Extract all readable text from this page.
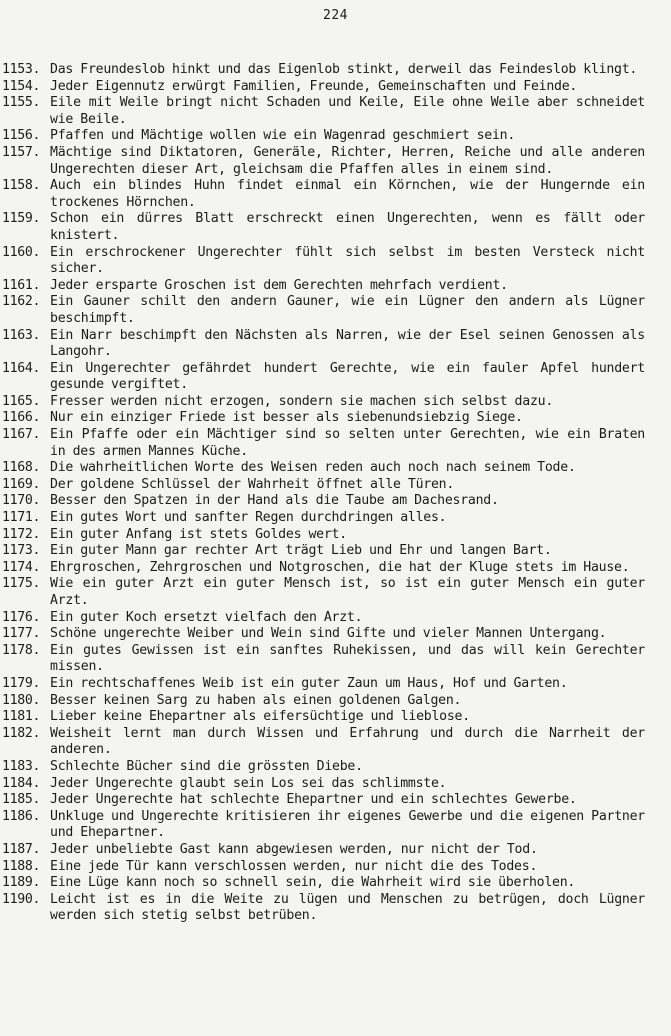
224
1153. Das Freundeslob hinkt und das Eigenlob stinkt, derweil das Feindeslob klingt.
1154. Jeder Eigennutz erwürgt Familien, Freunde, Gemeinschaften und Feinde.
1155. Eile mit Weile bringt nicht Schaden und Keile, Eile ohne Weile aber schneidet wie Beile.
1156. Pfaffen und Mächtige wollen wie ein Wagenrad geschmiert sein.
1157. Mächtige sind Diktatoren, Generäle, Richter, Herren, Reiche und alle anderen Ungerechten dieser Art, gleichsam die Pfaffen alles in einem sind.
1158. Auch ein blindes Huhn findet einmal ein Körnchen, wie der Hungernde ein trockenes Hörnchen.
1159. Schon ein dürres Blatt erschreckt einen Ungerechten, wenn es fällt oder knistert.
1160. Ein erschrockener Ungerechter fühlt sich selbst im besten Versteck nicht sicher.
1161. Jeder ersparte Groschen ist dem Gerechten mehrfach verdient.
1162. Ein Gauner schilt den andern Gauner, wie ein Lügner den andern als Lügner beschimpft.
1163. Ein Narr beschimpft den Nächsten als Narren, wie der Esel seinen Genossen als Langohr.
1164. Ein Ungerechter gefährdet hundert Gerechte, wie ein fauler Apfel hundert gesunde vergiftet.
1165. Fresser werden nicht erzogen, sondern sie machen sich selbst dazu.
1166. Nur ein einziger Friede ist besser als siebenundsiebzig Siege.
1167. Ein Pfaffe oder ein Mächtiger sind so selten unter Gerechten, wie ein Braten in des armen Mannes Küche.
1168. Die wahrheitlichen Worte des Weisen reden auch noch nach seinem Tode.
1169. Der goldene Schlüssel der Wahrheit öffnet alle Türen.
1170. Besser den Spatzen in der Hand als die Taube am Dachesrand.
1171. Ein gutes Wort und sanfter Regen durchdringen alles.
1172. Ein guter Anfang ist stets Goldes wert.
1173. Ein guter Mann gar rechter Art trägt Lieb und Ehr und langen Bart.
1174. Ehrgroschen, Zehrgroschen und Notgroschen, die hat der Kluge stets im Hause.
1175. Wie ein guter Arzt ein guter Mensch ist, so ist ein guter Mensch ein guter Arzt.
1176. Ein guter Koch ersetzt vielfach den Arzt.
1177. Schöne ungerechte Weiber und Wein sind Gifte und vieler Mannen Untergang.
1178. Ein gutes Gewissen ist ein sanftes Ruhekissen, und das will kein Gerechter missen.
1179. Ein rechtschaffenes Weib ist ein guter Zaun um Haus, Hof und Garten.
1180. Besser keinen Sarg zu haben als einen goldenen Galgen.
1181. Lieber keine Ehepartner als eifersüchtige und lieblose.
1182. Weisheit lernt man durch Wissen und Erfahrung und durch die Narrheit der anderen.
1183. Schlechte Bücher sind die grössten Diebe.
1184. Jeder Ungerechte glaubt sein Los sei das schlimmste.
1185. Jeder Ungerechte hat schlechte Ehepartner und ein schlechtes Gewerbe.
1186. Unkluge und Ungerechte kritisieren ihr eigenes Gewerbe und die eigenen Partner und Ehepartner.
1187. Jeder unbeliebte Gast kann abgewiesen werden, nur nicht der Tod.
1188. Eine jede Tür kann verschlossen werden, nur nicht die des Todes.
1189. Eine Lüge kann noch so schnell sein, die Wahrheit wird sie überholen.
1190. Leicht ist es in die Weite zu lügen und Menschen zu betrügen, doch Lügner werden sich stetig selbst betrüben.
